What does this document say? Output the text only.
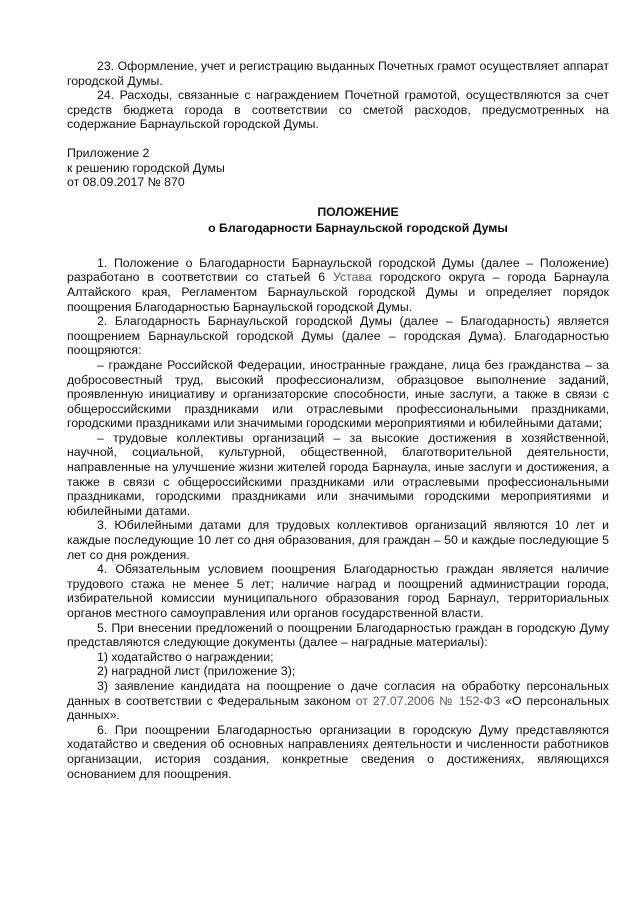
23. Оформление, учет и регистрацию выданных Почетных грамот осуществляет аппарат городской Думы.

24. Расходы, связанные с награждением Почетной грамотой, осуществляются за счет средств бюджета города в соответствии со сметой расходов, предусмотренных на содержание Барнаульской городской Думы.

Приложение 2
к решению городской Думы
от 08.09.2017 № 870
ПОЛОЖЕНИЕ
о Благодарности Барнаульской городской Думы

1. Положение о Благодарности Барнаульской городской Думы (далее – Положение) разработано в соответствии со статьей 6 Устава городского округа – города Барнаула Алтайского края, Регламентом Барнаульской городской Думы и определяет порядок поощрения Благодарностью Барнаульской городской Думы.

2. Благодарность Барнаульской городской Думы (далее – Благодарность) является поощрением Барнаульской городской Думы (далее – городская Дума). Благодарностью поощряются:

– граждане Российской Федерации, иностранные граждане, лица без гражданства – за добросовестный труд, высокий профессионализм, образцовое выполнение заданий, проявленную инициативу и организаторские способности, иные заслуги, а также в связи с общероссийскими праздниками или отраслевыми профессиональными праздниками, городскими праздниками или значимыми городскими мероприятиями и юбилейными датами;

– трудовые коллективы организаций – за высокие достижения в хозяйственной, научной, социальной, культурной, общественной, благотворительной деятельности, направленные на улучшение жизни жителей города Барнаула, иные заслуги и достижения, а также в связи с общероссийскими праздниками или отраслевыми профессиональными праздниками, городскими праздниками или значимыми городскими мероприятиями и юбилейными датами.

3. Юбилейными датами для трудовых коллективов организаций являются 10 лет и каждые последующие 10 лет со дня образования, для граждан – 50 и каждые последующие 5 лет со дня рождения.

4. Обязательным условием поощрения Благодарностью граждан является наличие трудового стажа не менее 5 лет; наличие наград и поощрений администрации города, избирательной комиссии муниципального образования город Барнаул, территориальных органов местного самоуправления или органов государственной власти.

5. При внесении предложений о поощрении Благодарностью граждан в городскую Думу представляются следующие документы (далее – наградные материалы):

1) ходатайство о награждении;

2) наградной лист (приложение 3);

3) заявление кандидата на поощрение о даче согласия на обработку персональных данных в соответствии с Федеральным законом от 27.07.2006 № 152-ФЗ «О персональных данных».

6. При поощрении Благодарностью организации в городскую Думу представляются ходатайство и сведения об основных направлениях деятельности и численности работников организации, история создания, конкретные сведения о достижениях, являющихся основанием для поощрения.
